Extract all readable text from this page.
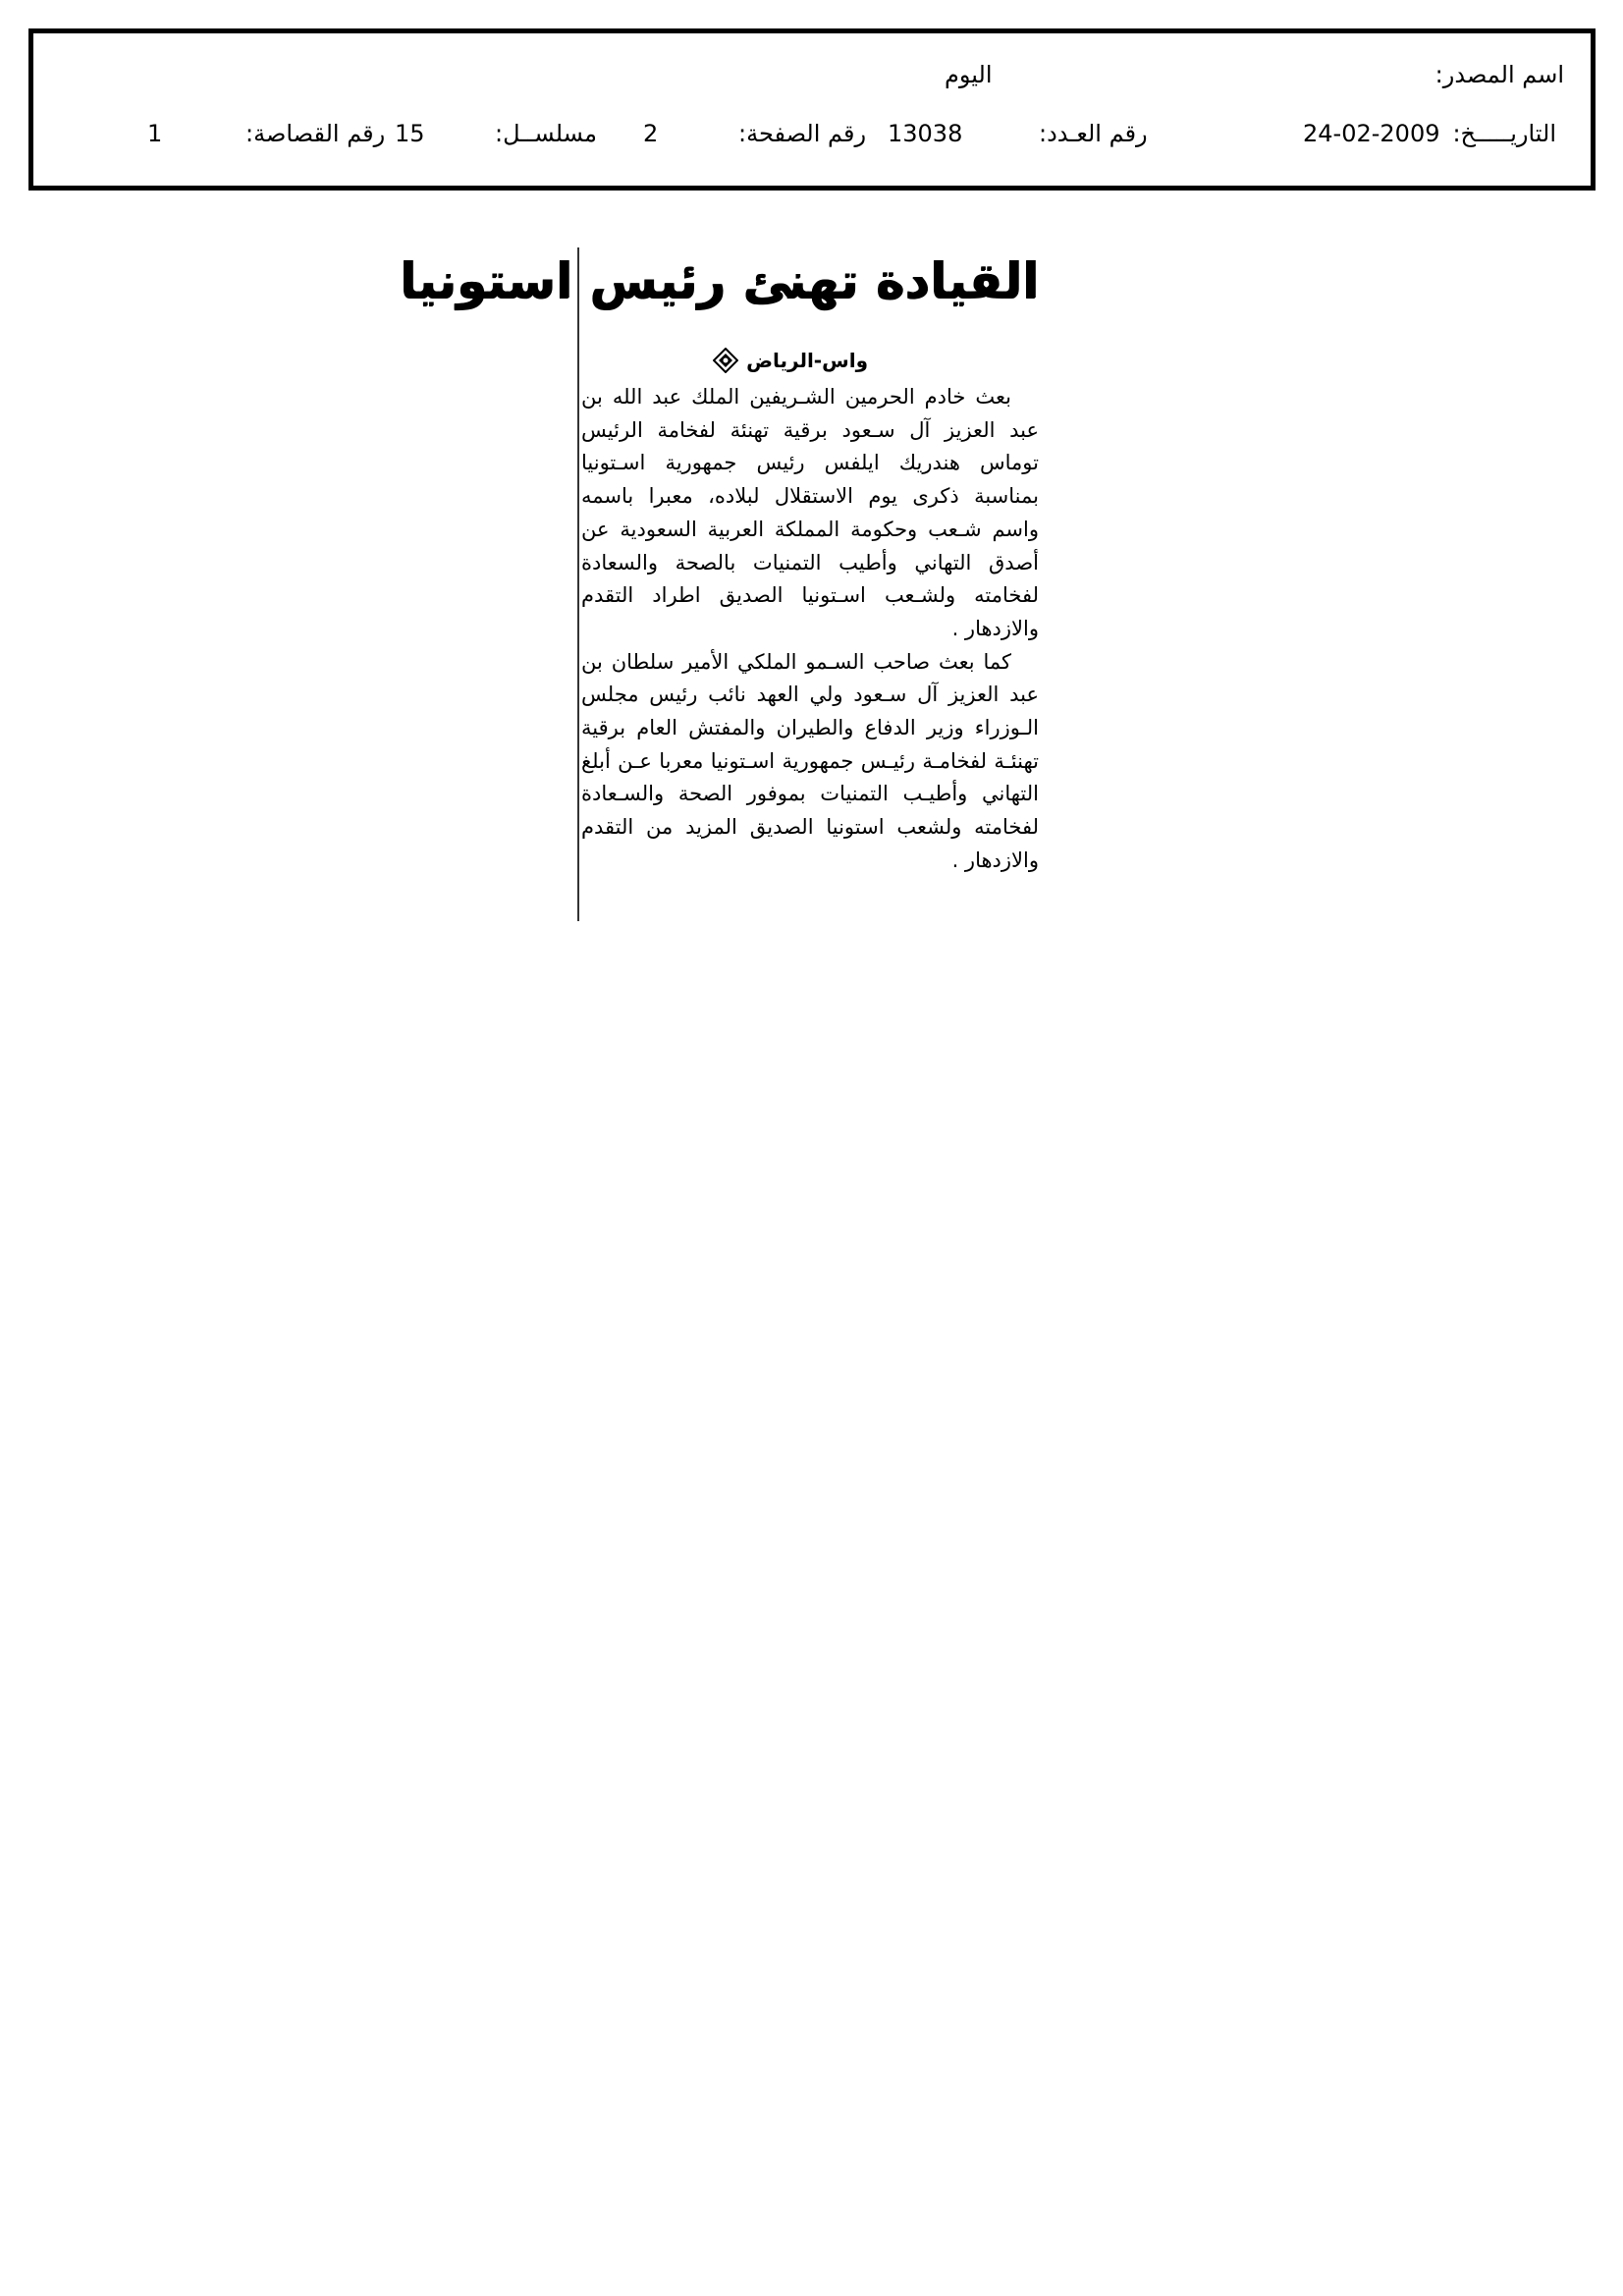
اسم المصدر:
اليوم
التاريـــــخ:
24-02-2009
رقم العـدد:
13038
رقم الصفحة:
2
مسلســل:
15
رقم القصاصة:
1
القيادة تهنئ رئيس استونيا
واس-الرياض

بعث خادم الحرمين الشـريفين الملك عبد الله بن عبد العزيز آل سـعود برقية تهنئة لفخامة الرئيس توماس هندريك ايلفس رئيس جمهورية اسـتونيا بمناسبة ذكرى يوم الاستقلال لبلاده، معبرا باسمه واسم شـعب وحكومة المملكة العربية السعودية عن أصدق التهاني وأطيب التمنيات بالصحة والسعادة لفخامته ولشـعب اسـتونيا الصديق اطراد التقدم والازدهار .

كما بعث صاحب السـمو الملكي الأمير سلطان بن عبد العزيز آل سـعود ولي العهد نائب رئيس مجلس الـوزراء وزير الدفاع والطيران والمفتش العام برقية تهنئـة لفخامـة رئيـس جمهورية اسـتونيا معربا عـن أبلغ التهاني وأطيـب التمنيات بموفور الصحة والسـعادة لفخامته ولشعب استونيا الصديق المزيد من التقدم والازدهار .
